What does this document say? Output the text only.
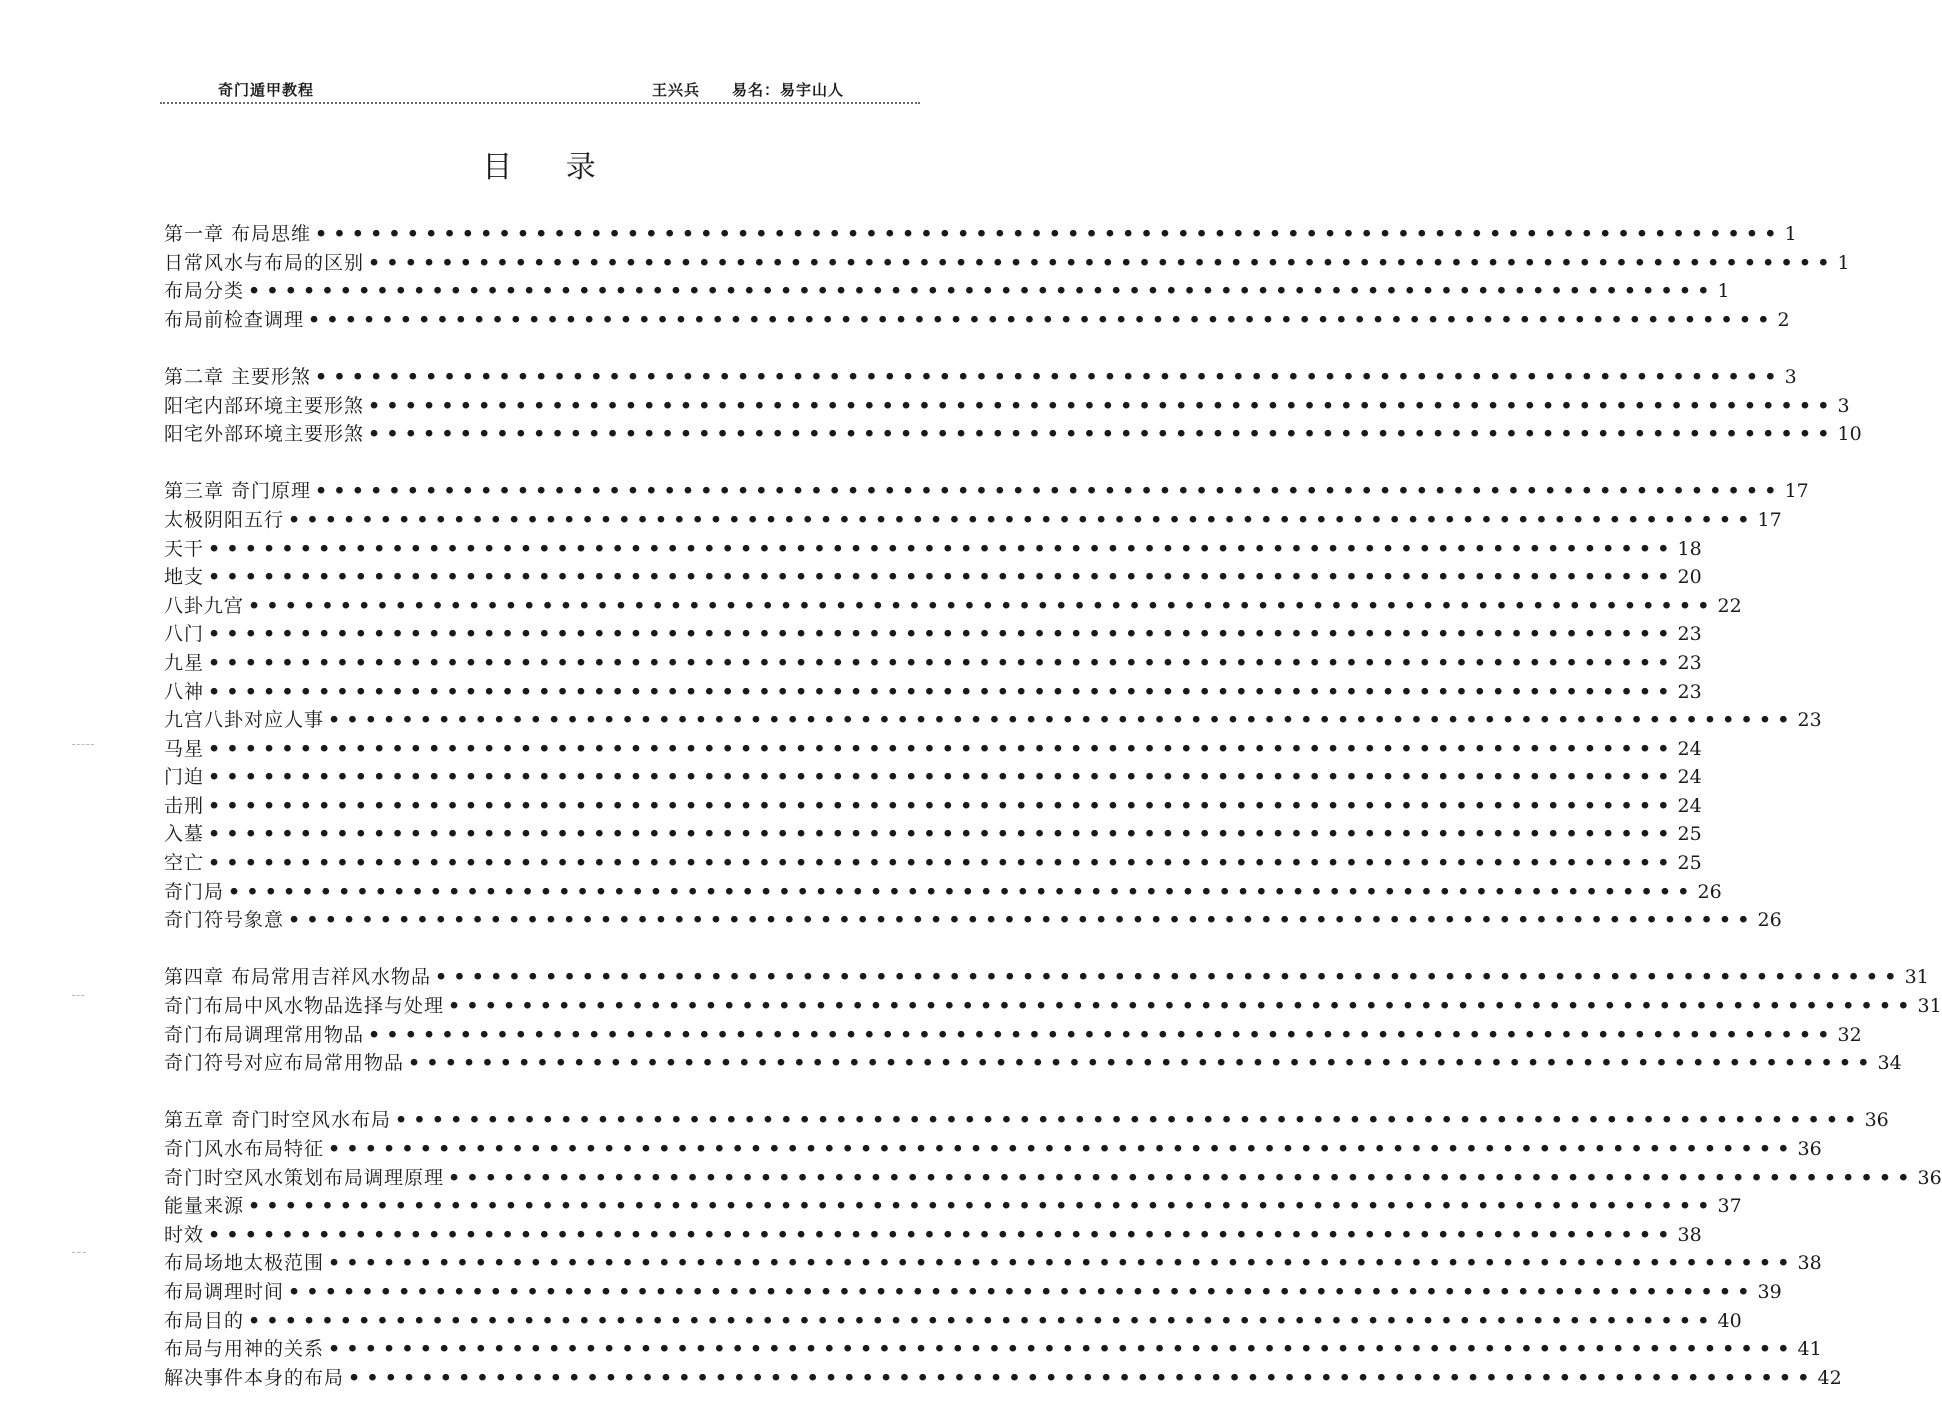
奇门遁甲教程	王兴兵　　易名：易宇山人
目 录
第一章 布局思维 •••••••••••••••••••••••••••••••••••••••••••••••••••••••••••••••••••••••••••••••• 1
日常风水与布局的区别 •••••••••••••••••••••••••••••••••••••••••••••••••••••••••••••••••••••••••••••••• 1
布局分类 •••••••••••••••••••••••••••••••••••••••••••••••••••••••••••••••••••••••••••••••• 1
布局前检查调理 •••••••••••••••••••••••••••••••••••••••••••••••••••••••••••••••••••••••••••••••• 2
第二章 主要形煞 •••••••••••••••••••••••••••••••••••••••••••••••••••••••••••••••••••••••••••••••• 3
阳宅内部环境主要形煞 •••••••••••••••••••••••••••••••••••••••••••••••••••••••••••••••••••••••••••••••• 3
阳宅外部环境主要形煞 •••••••••••••••••••••••••••••••••••••••••••••••••••••••••••••••••••••••••••••••• 10
第三章 奇门原理 •••••••••••••••••••••••••••••••••••••••••••••••••••••••••••••••••••••••••••••••• 17
太极阴阳五行 •••••••••••••••••••••••••••••••••••••••••••••••••••••••••••••••••••••••••••••••• 17
天干 •••••••••••••••••••••••••••••••••••••••••••••••••••••••••••••••••••••••••••••••• 18
地支 •••••••••••••••••••••••••••••••••••••••••••••••••••••••••••••••••••••••••••••••• 20
八卦九宫 •••••••••••••••••••••••••••••••••••••••••••••••••••••••••••••••••••••••••••••••• 22
八门 •••••••••••••••••••••••••••••••••••••••••••••••••••••••••••••••••••••••••••••••• 23
九星 •••••••••••••••••••••••••••••••••••••••••••••••••••••••••••••••••••••••••••••••• 23
八神 •••••••••••••••••••••••••••••••••••••••••••••••••••••••••••••••••••••••••••••••• 23
九宫八卦对应人事 •••••••••••••••••••••••••••••••••••••••••••••••••••••••••••••••••••••••••••••••• 23
马星 •••••••••••••••••••••••••••••••••••••••••••••••••••••••••••••••••••••••••••••••• 24
门迫 •••••••••••••••••••••••••••••••••••••••••••••••••••••••••••••••••••••••••••••••• 24
击刑 •••••••••••••••••••••••••••••••••••••••••••••••••••••••••••••••••••••••••••••••• 24
入墓 •••••••••••••••••••••••••••••••••••••••••••••••••••••••••••••••••••••••••••••••• 25
空亡 •••••••••••••••••••••••••••••••••••••••••••••••••••••••••••••••••••••••••••••••• 25
奇门局 •••••••••••••••••••••••••••••••••••••••••••••••••••••••••••••••••••••••••••••••• 26
奇门符号象意 •••••••••••••••••••••••••••••••••••••••••••••••••••••••••••••••••••••••••••••••• 26
第四章 布局常用吉祥风水物品 •••••••••••••••••••••••••••••••••••••••••••••••••••••••••••••••••••••••••••••••• 31
奇门布局中风水物品选择与处理 •••••••••••••••••••••••••••••••••••••••••••••••••••••••••••••••••••••••••••••••• 31
奇门布局调理常用物品 •••••••••••••••••••••••••••••••••••••••••••••••••••••••••••••••••••••••••••••••• 32
奇门符号对应布局常用物品 •••••••••••••••••••••••••••••••••••••••••••••••••••••••••••••••••••••••••••••••• 34
第五章 奇门时空风水布局 •••••••••••••••••••••••••••••••••••••••••••••••••••••••••••••••••••••••••••••••• 36
奇门风水布局特征 •••••••••••••••••••••••••••••••••••••••••••••••••••••••••••••••••••••••••••••••• 36
奇门时空风水策划布局调理原理 •••••••••••••••••••••••••••••••••••••••••••••••••••••••••••••••••••••••••••••••• 36
能量来源 •••••••••••••••••••••••••••••••••••••••••••••••••••••••••••••••••••••••••••••••• 37
时效 •••••••••••••••••••••••••••••••••••••••••••••••••••••••••••••••••••••••••••••••• 38
布局场地太极范围 •••••••••••••••••••••••••••••••••••••••••••••••••••••••••••••••••••••••••••••••• 38
布局调理时间 •••••••••••••••••••••••••••••••••••••••••••••••••••••••••••••••••••••••••••••••• 39
布局目的 •••••••••••••••••••••••••••••••••••••••••••••••••••••••••••••••••••••••••••••••• 40
布局与用神的关系 •••••••••••••••••••••••••••••••••••••••••••••••••••••••••••••••••••••••••••••••• 41
解决事件本身的布局 •••••••••••••••••••••••••••••••••••••••••••••••••••••••••••••••••••••••••••••••• 42
